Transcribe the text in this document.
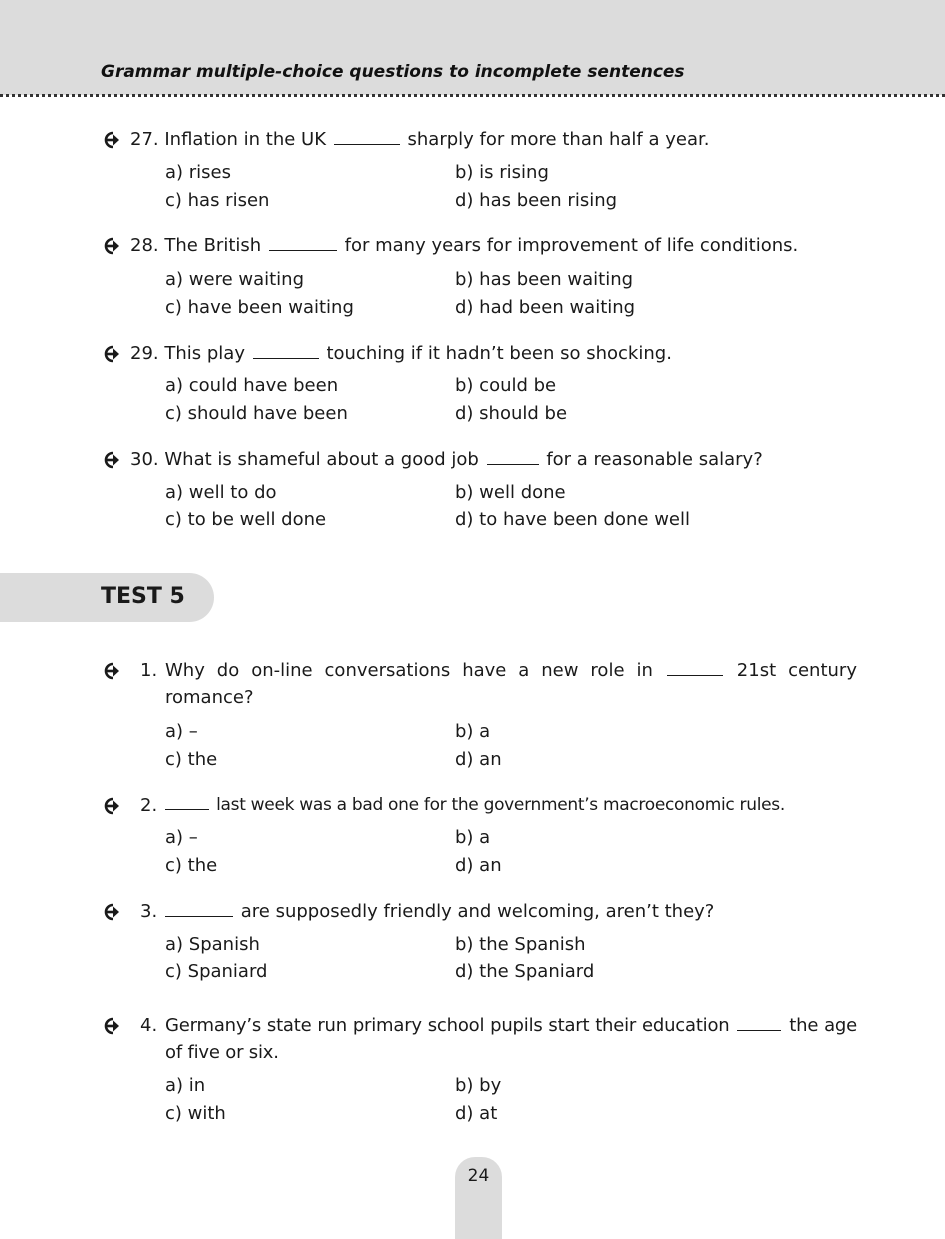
Grammar multiple-choice questions to incomplete sentences
27. Inflation in the UK	sharply for more than half a year.
a) rises	b) is rising
c) has risen	d) has been rising
28. The British	for many years for improvement of life conditions.
a) were waiting	b) has been waiting
c) have been waiting	d) had been waiting
29. This play	touching if it hadn’t been so shocking.
a) could have been	b) could be
c) should have been	d) should be
30. What is shameful about a good job	for a reasonable salary?
a) well to do	b) well done
c) to be well done	d) to have been done well
TEST 5
1. Why do on-line conversations have a new role in	21st century romance?
a) –	b) a
c) the	d) an
2.	last week was a bad one for the government’s macroeconomic rules.
a) –	b) a
c) the	d) an
3.	are supposedly friendly and welcoming, aren’t they?
a) Spanish	b) the Spanish
c) Spaniard	d) the Spaniard
4. Germany’s state run primary school pupils start their education	the age of five or six.
a) in	b) by
c) with	d) at
24
